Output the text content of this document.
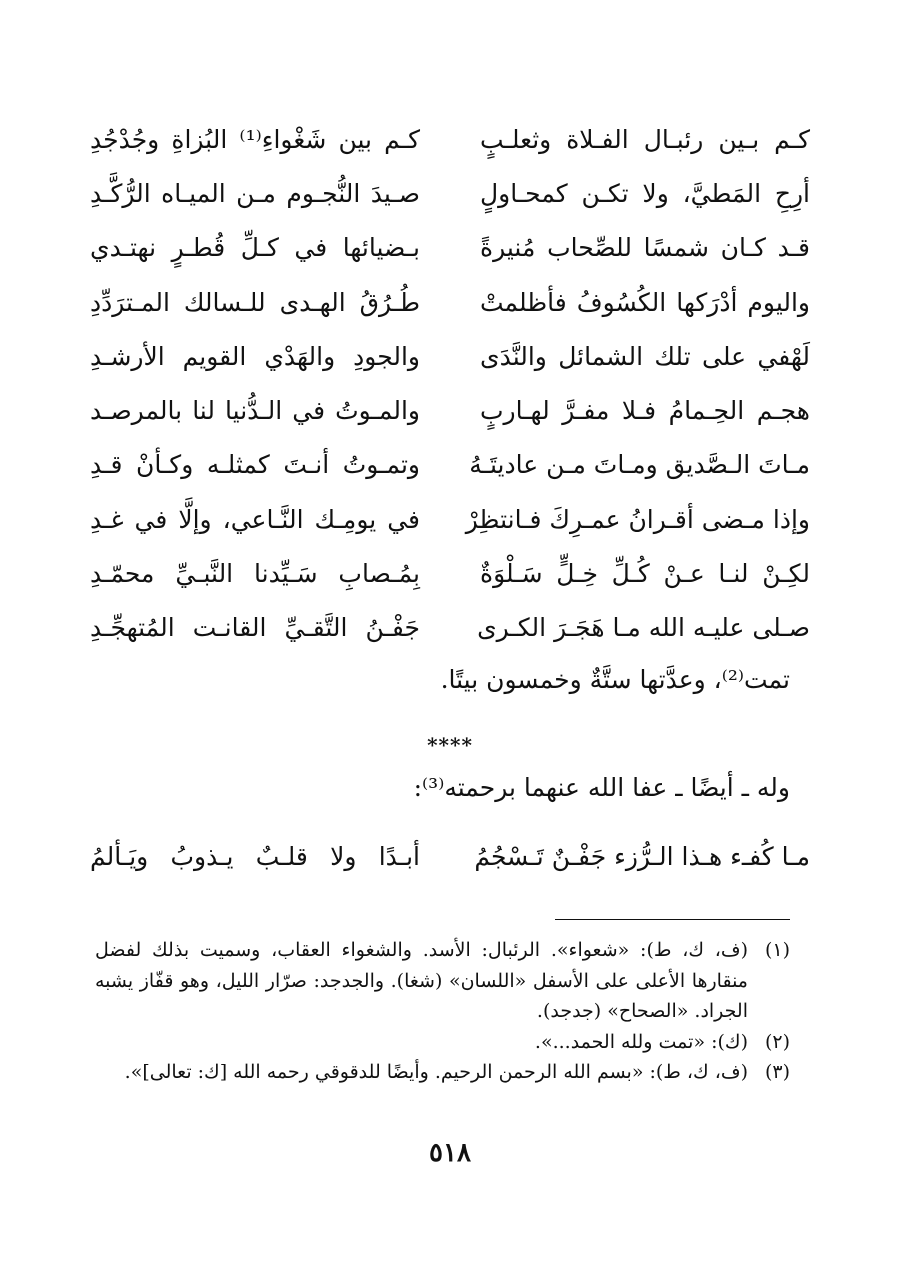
كـم بـين رئبـال الفـلاة وثعلـبٍ
كـم بين شَغْواءِ⁽¹⁾ البُزاةِ وجُدْجُدِ
أرِحِ المَطيَّ، ولا تكـن كمحـاولٍ
صـيدَ النُّجـوم مـن الميـاه الرُّكَّـدِ
قـد كـان شمسًا للصِّحاب مُنيرةً
بـضيائها في كـلِّ قُطـرٍ نهتـدي
واليوم أدْرَكها الكُسُوفُ فأظلمتْ
طُـرُقُ الهـدى للـسالك المـترَدِّدِ
لَهْفي على تلك الشمائل والنَّدَى
والجودِ والهَدْي القويم الأرشـدِ
هجـم الحِـمامُ فـلا مفـرَّ لهـاربٍ
والمـوتُ في الـدُّنيا لنا بالمرصـد
مـاتَ الـصَّديق ومـاتَ مـن عاديتَـهُ
وتمـوتُ أنـتَ كمثلـه وكـأنْ قـدِ
وإذا مـضى أقـرانُ عمـرِكَ فـانتظِرْ
في يومِـك النَّـاعي، وإلَّا في غـدِ
لكِـنْ لنـا عـنْ كُـلِّ خِـلٍّ سَـلْوَةٌ
بِمُـصابِ سَـيِّدنا النَّبـيِّ محمّـدِ
صـلى عليـه الله مـا هَجَـرَ الكـرى
جَفْـنُ التَّقـيِّ القانـت المُتهجِّـدِ
تمت⁽²⁾، وعدَّتها ستَّةٌ وخمسون بيتًا.
****
وله ـ أيضًا ـ عفا الله عنهما برحمته⁽³⁾:
مـا كُفـء هـذا الـرُّزء جَفْـنٌ تَـسْجُمُ
أبـدًا ولا قلـبٌ يـذوبُ ويَـألمُ
(١)
(ف، ك، ط): «شعواء». الرئبال: الأسد. والشغواء العقاب، وسميت بذلك لفضل منقارها الأعلى على الأسفل «اللسان» (شغا). والجدجد: صرّار الليل، وهو قفّاز يشبه الجراد. «الصحاح» (جدجد).
(٢)
(ك): «تمت ولله الحمد...».
(٣)
(ف، ك، ط): «بسم الله الرحمن الرحيم. وأيضًا للدقوقي رحمه الله [ك: تعالى]».
٥١٨
